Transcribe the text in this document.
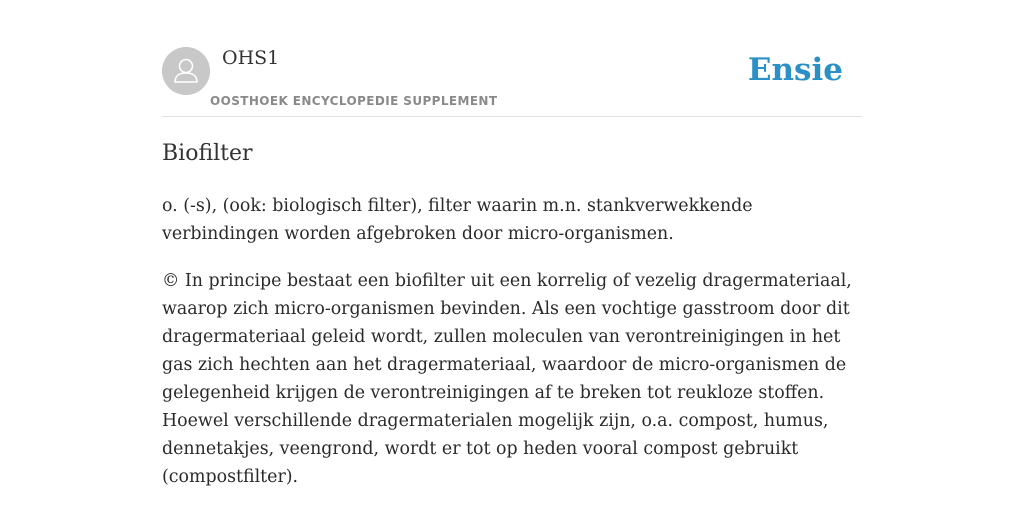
OHS1
OOSTHOEK ENCYCLOPEDIE SUPPLEMENT
Ensie
Biofilter

o. (-s), (ook: biologisch filter), filter waarin m.n. stankverwekkende verbindingen worden afgebroken door micro-organismen.

© In principe bestaat een biofilter uit een korrelig of vezelig dragermateriaal, waarop zich micro-organismen bevinden. Als een vochtige gasstroom door dit dragermateriaal geleid wordt, zullen moleculen van verontreinigingen in het gas zich hechten aan het dragermateriaal, waardoor de micro-organismen de gelegenheid krijgen de verontreinigingen af te breken tot reukloze stoffen. Hoewel verschillende dragermaterialen mogelijk zijn, o.a. compost, humus, dennetakjes, veengrond, wordt er tot op heden vooral compost gebruikt (compostfilter).
